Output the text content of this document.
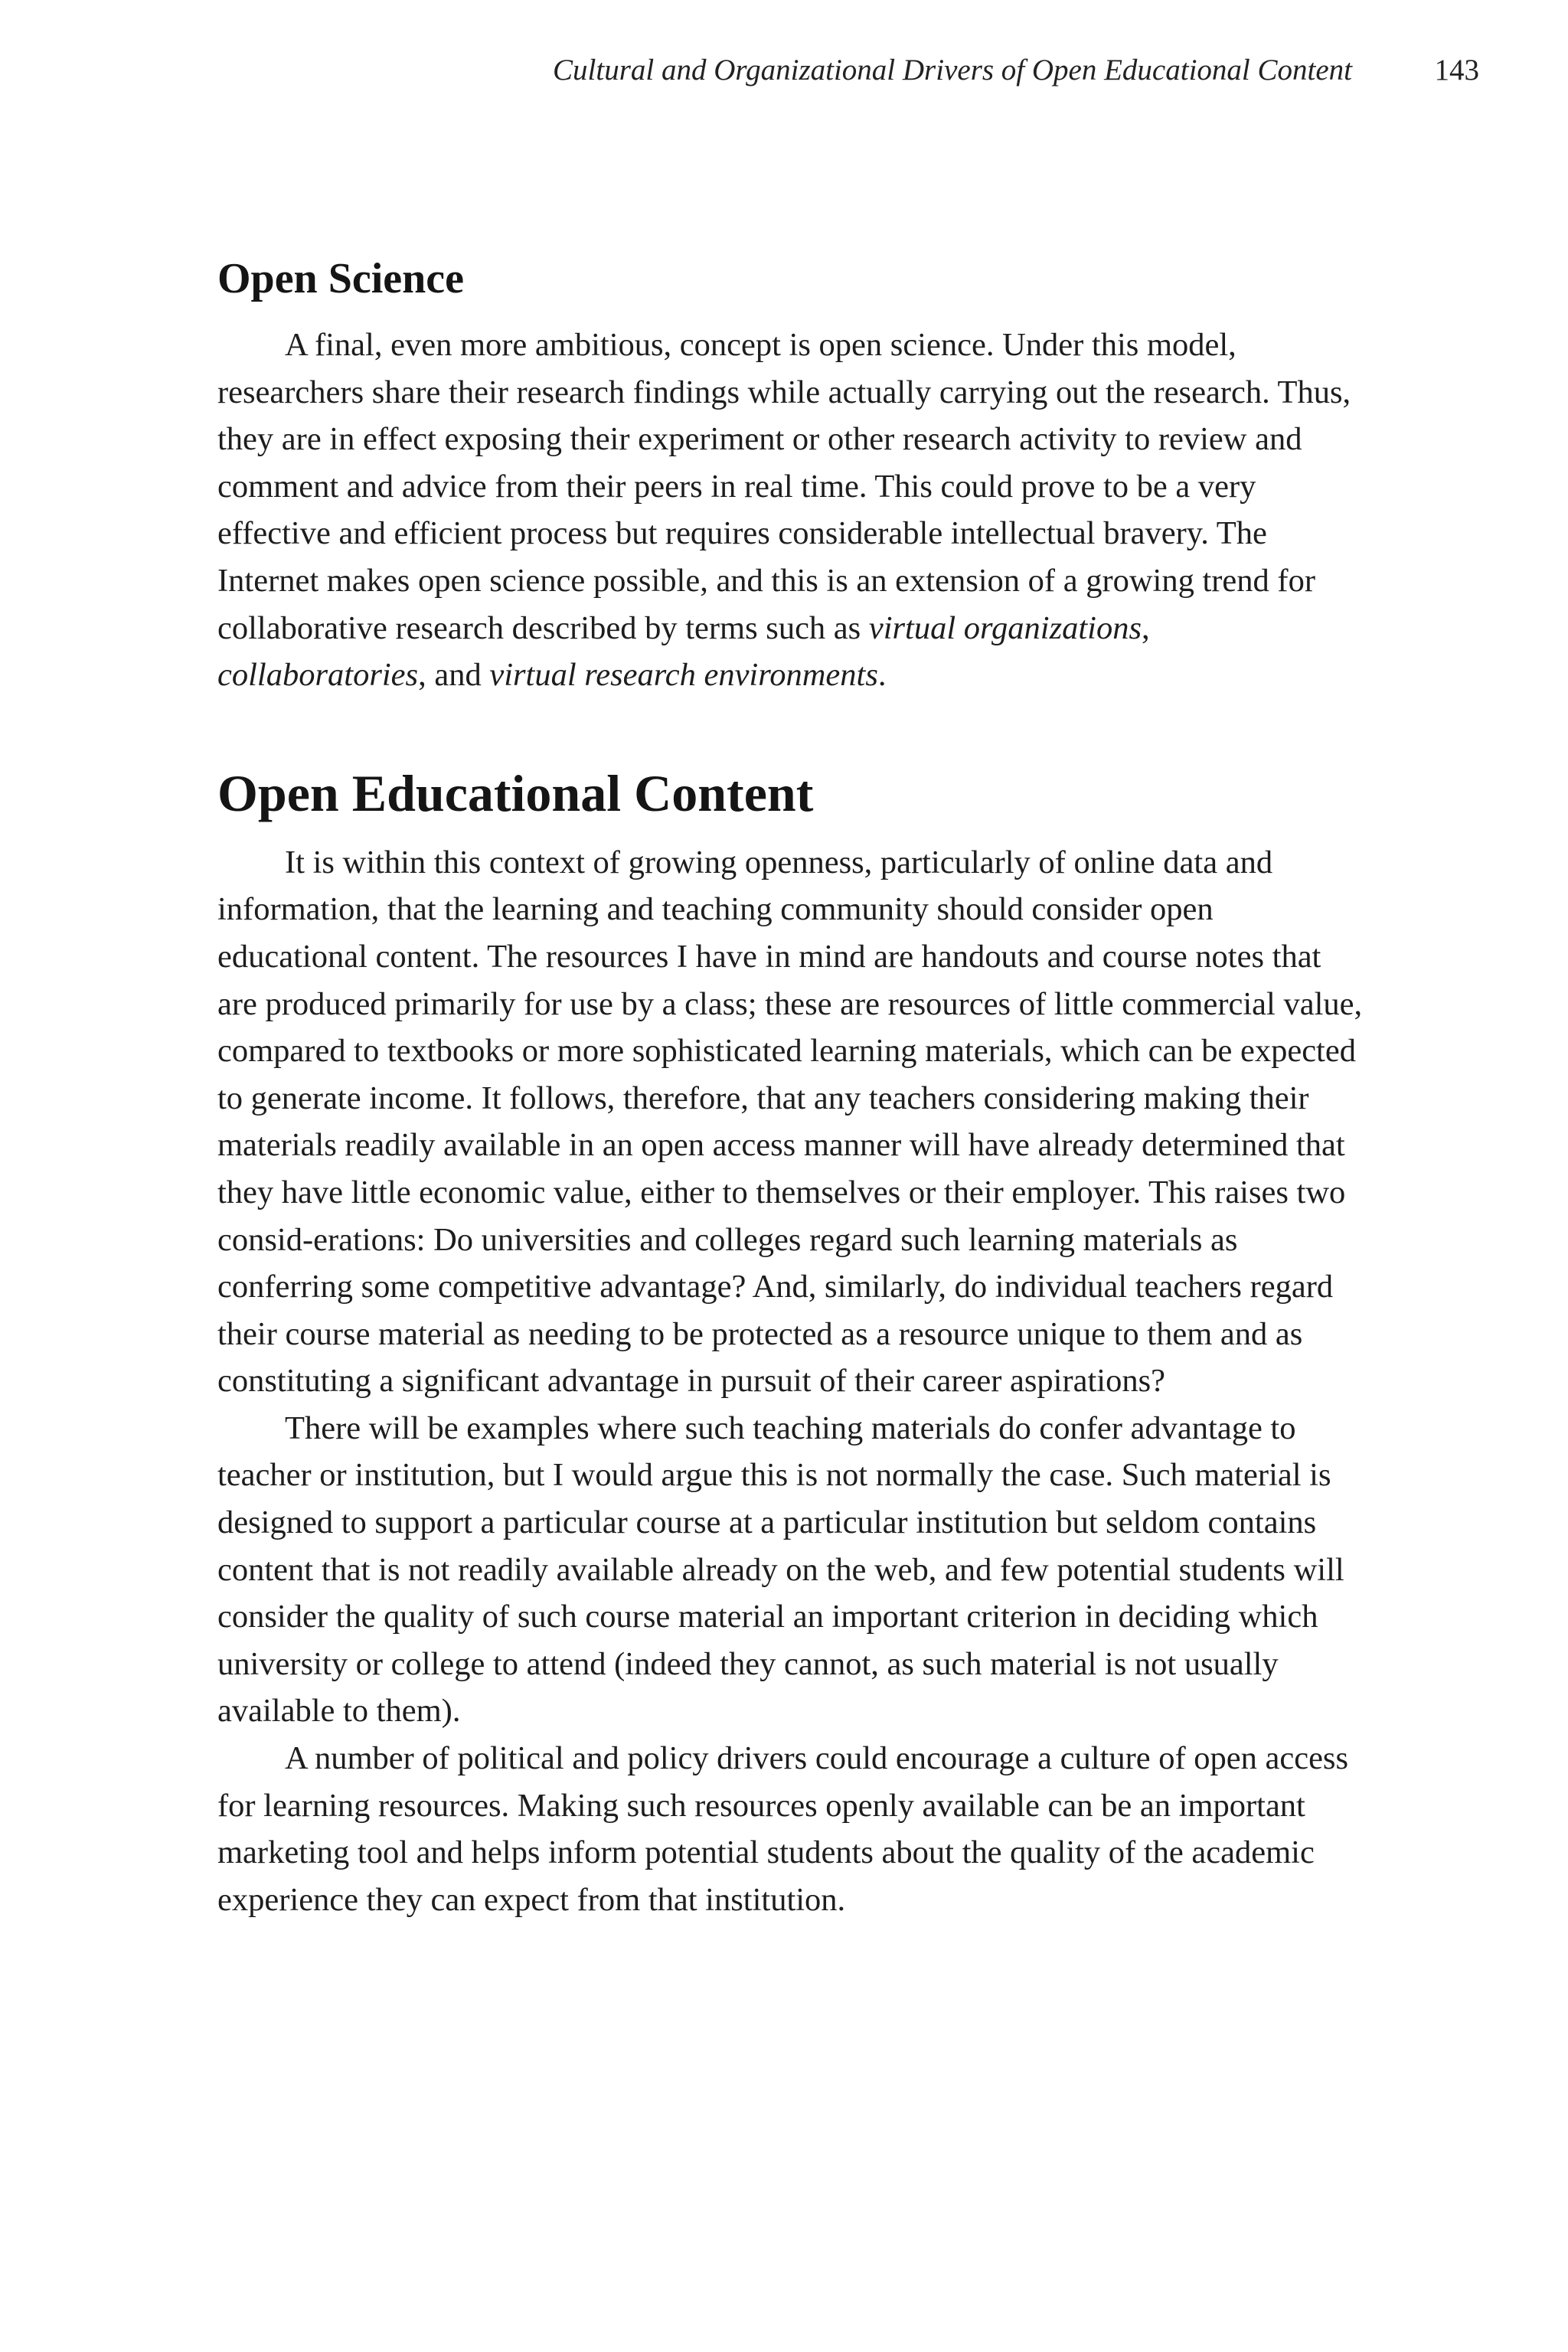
Cultural and Organizational Drivers of Open Educational Content	143
Open Science

A final, even more ambitious, concept is open science. Under this model, researchers share their research findings while actually carrying out the research. Thus, they are in effect exposing their experiment or other research activity to review and comment and advice from their peers in real time. This could prove to be a very effective and efficient process but requires considerable intellectual bravery. The Internet makes open science possible, and this is an extension of a growing trend for collaborative research described by terms such as virtual organizations, collaboratories, and virtual research environments.

Open Educational Content

It is within this context of growing openness, particularly of online data and information, that the learning and teaching community should consider open educational content. The resources I have in mind are handouts and course notes that are produced primarily for use by a class; these are resources of little commercial value, compared to textbooks or more sophisticated learning materials, which can be expected to generate income. It follows, therefore, that any teachers considering making their materials readily available in an open access manner will have already determined that they have little economic value, either to themselves or their employer. This raises two consid-erations: Do universities and colleges regard such learning materials as conferring some competitive advantage? And, similarly, do individual teachers regard their course material as needing to be protected as a resource unique to them and as constituting a significant advantage in pursuit of their career aspirations?

There will be examples where such teaching materials do confer advantage to teacher or institution, but I would argue this is not normally the case. Such material is designed to support a particular course at a particular institution but seldom contains content that is not readily available already on the web, and few potential students will consider the quality of such course material an important criterion in deciding which university or college to attend (indeed they cannot, as such material is not usually available to them).

A number of political and policy drivers could encourage a culture of open access for learning resources. Making such resources openly available can be an important marketing tool and helps inform potential students about the quality of the academic experience they can expect from that institution.
